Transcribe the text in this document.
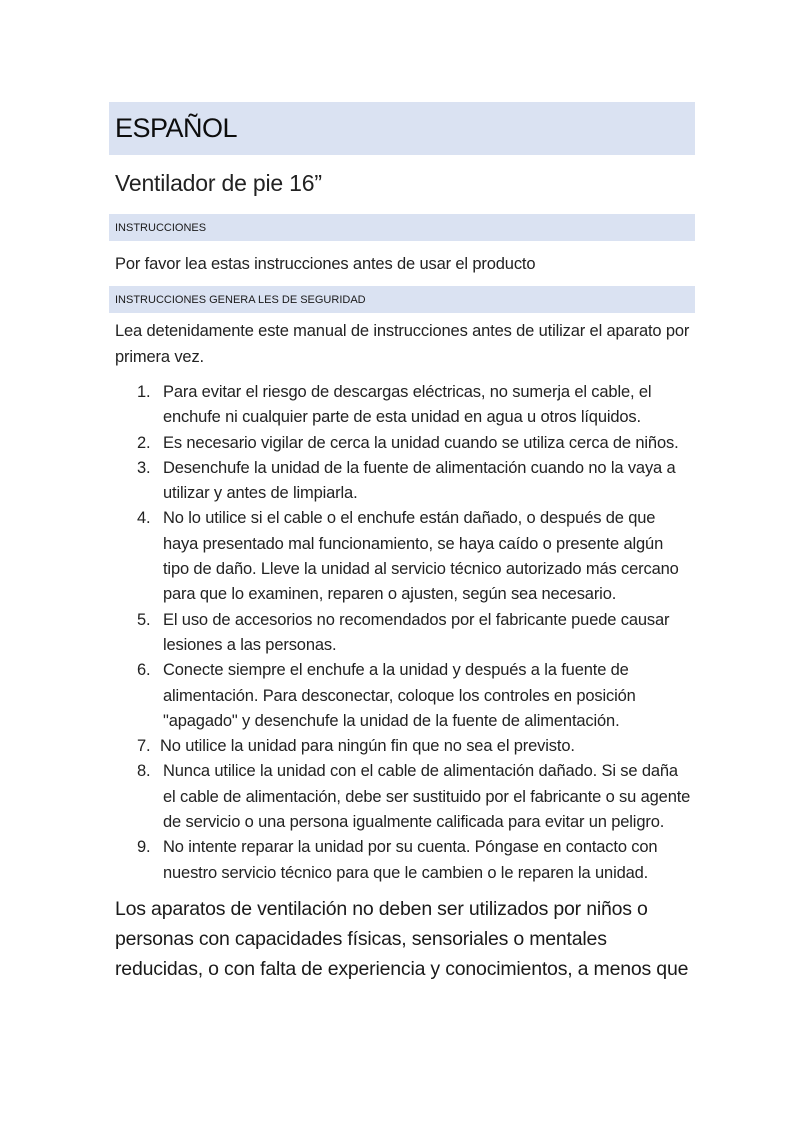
ESPAÑOL
Ventilador de pie 16”
INSTRUCCIONES
Por favor lea estas instrucciones antes de usar el producto
INSTRUCCIONES GENERA LES DE SEGURIDAD

Lea detenidamente este manual de instrucciones antes de utilizar el aparato por primera vez.

1. Para evitar el riesgo de descargas eléctricas, no sumerja el cable, el enchufe ni cualquier parte de esta unidad en agua u otros líquidos.
2. Es necesario vigilar de cerca la unidad cuando se utiliza cerca de niños.
3. Desenchufe la unidad de la fuente de alimentación cuando no la vaya a utilizar y antes de limpiarla.
4. No lo utilice si el cable o el enchufe están dañado, o después de que haya presentado mal funcionamiento, se haya caído o presente algún tipo de daño. Lleve la unidad al servicio técnico autorizado más cercano para que lo examinen, reparen o ajusten, según sea necesario.
5. El uso de accesorios no recomendados por el fabricante puede causar lesiones a las personas.
6. Conecte siempre el enchufe a la unidad y después a la fuente de alimentación. Para desconectar, coloque los controles en posición "apagado" y desenchufe la unidad de la fuente de alimentación.
7. No utilice la unidad para ningún fin que no sea el previsto.
8. Nunca utilice la unidad con el cable de alimentación dañado. Si se daña el cable de alimentación, debe ser sustituido por el fabricante o su agente de servicio o una persona igualmente calificada para evitar un peligro.
9. No intente reparar la unidad por su cuenta. Póngase en contacto con nuestro servicio técnico para que le cambien o le reparen la unidad.

Los aparatos de ventilación no deben ser utilizados por niños o personas con capacidades físicas, sensoriales o mentales reducidas, o con falta de experiencia y conocimientos, a menos que
